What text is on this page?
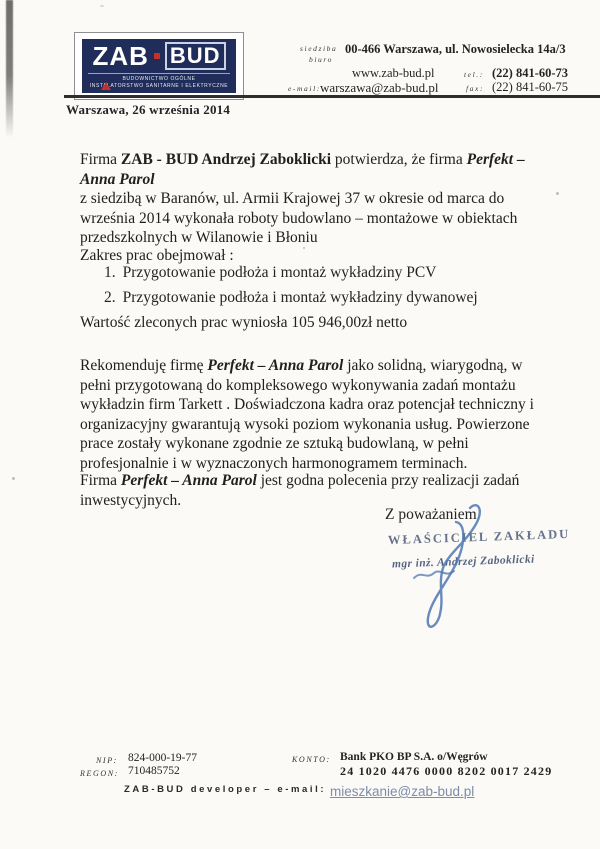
ZAB BUD
BUDOWNICTWO OGÓLNE
INSTALATORSTWO SANITARNE I ELEKTRYCZNE
siedziba
biuro
00-466 Warszawa, ul. Nowosielecka 14a/3
www.zab-bud.pl	tel.: (22) 841-60-73
e-mail: warszawa@zab-bud.pl	fax: (22) 841-60-75
Warszawa, 26 września 2014
Firma ZAB - BUD Andrzej Zaboklicki potwierdza, że firma Perfekt – Anna Parol
z siedzibą w Baranów, ul. Armii Krajowej 37 w okresie od marca do września 2014 wykonała roboty budowlano – montażowe w obiektach przedszkolnych w Wilanowie i Błoniu
Zakres prac obejmował :
1. Przygotowanie podłoża i montaż wykładziny PCV
2. Przygotowanie podłoża i montaż wykładziny dywanowej
Wartość zleconych prac wyniosła 105 946,00zł netto
Rekomenduję firmę Perfekt – Anna Parol jako solidną, wiarygodną, w pełni przygotowaną do kompleksowego wykonywania zadań montażu wykładzin firm Tarkett . Doświadczona kadra oraz potencjał techniczny i organizacyjny gwarantują wysoki poziom wykonania usług. Powierzone prace zostały wykonane zgodnie ze sztuką budowlaną, w pełni profesjonalnie i w wyznaczonych harmonogramem terminach.
Firma Perfekt – Anna Parol jest godna polecenia przy realizacji zadań inwestycyjnych.
Z poważaniem
WŁAŚCICIEL ZAKŁADU
mgr inż. Andrzej Zaboklicki
NIP: 824-000-19-77
REGON: 710485752
KONTO: Bank PKO BP S.A. o/Węgrów
24 1020 4476 0000 8202 0017 2429
ZAB-BUD developer – e-mail: mieszkanie@zab-bud.pl
